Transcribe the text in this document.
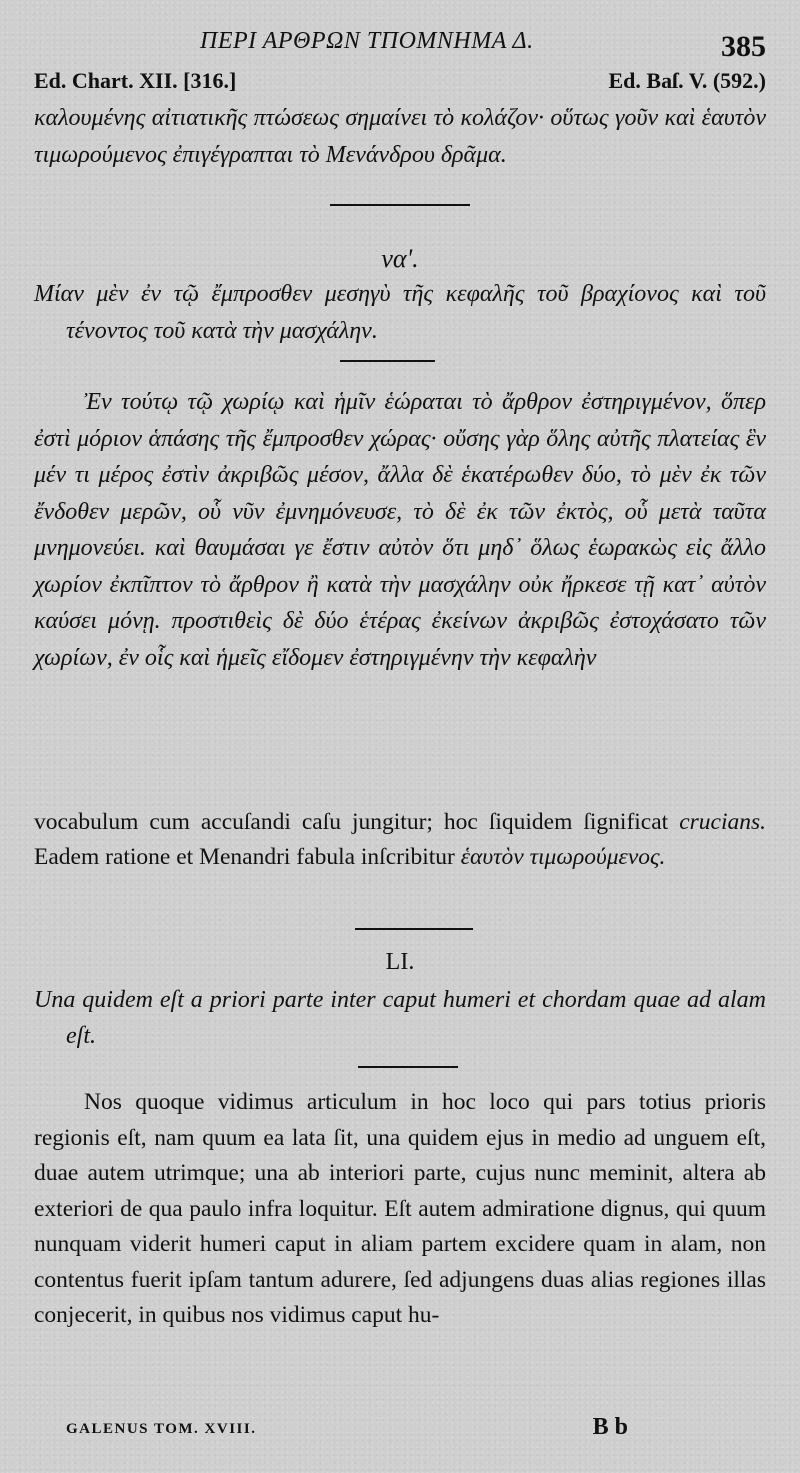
ΠΕΡΙ ΑΡΘΡΩΝ ΤΠΟΜΝΗΜΑ Δ.	385
Ed. Chart. XII. [316.]	Ed. Baſ. V. (592.)

καλουμένης αἰτιατικῆς πτώσεως σημαίνει τὸ κολάζον· οὕτως γοῦν καὶ ἑαυτὸν τιμωρούμενος ἐπιγέγραπται τὸ Μενάνδρου δρᾶμα.

να'.

Μίαν μὲν ἐν τῷ ἔμπροσθεν μεσηγὺ τῆς κεφαλῆς τοῦ βραχίονος καὶ τοῦ τένοντος τοῦ κατὰ τὴν μασχάλην.

Ἐν τούτῳ τῷ χωρίῳ καὶ ἡμῖν ἑώραται τὸ ἄρθρον ἐστηριγμένον, ὅπερ ἐστὶ μόριον ἁπάσης τῆς ἔμπροσθεν χώρας· οὔσης γὰρ ὅλης αὐτῆς πλατείας ἓν μέν τι μέρος ἐστὶν ἀκριβῶς μέσον, ἄλλα δὲ ἑκατέρωθεν δύο, τὸ μὲν ἐκ τῶν ἔνδοθεν μερῶν, οὗ νῦν ἐμνημόνευσε, τὸ δὲ ἐκ τῶν ἐκτὸς, οὗ μετὰ ταῦτα μνημονεύει. καὶ θαυμάσαι γε ἔστιν αὐτὸν ὅτι μηδ᾽ ὅλως ἑωρακὼς εἰς ἄλλο χωρίον ἐκπῖπτον τὸ ἄρθρον ἢ κατὰ τὴν μασχάλην οὐκ ἤρκεσε τῇ κατ᾽ αὐτὸν καύσει μόνῃ. προστιθεὶς δὲ δύο ἑτέρας ἐκείνων ἀκριβῶς ἐστοχάσατο τῶν χωρίων, ἐν οἷς καὶ ἡμεῖς εἴδομεν ἐστηριγμένην τὴν κεφαλὴν

vocabulum cum accuſandi caſu jungitur; hoc ſiquidem ſignificat crucians. Eadem ratione et Menandri fabula inſcribitur ἑαυτὸν τιμωρούμενος.

LI.

Una quidem eſt a priori parte inter caput humeri et chordam quae ad alam eſt.

Nos quoque vidimus articulum in hoc loco qui pars totius prioris regionis eſt, nam quum ea lata ſit, una quidem ejus in medio ad unguem eſt, duae autem utrimque; una ab interiori parte, cujus nunc meminit, altera ab exteriori de qua paulo infra loquitur. Eſt autem admiratione dignus, qui quum nunquam viderit humeri caput in aliam partem excidere quam in alam, non contentus fuerit ipſam tantum adurere, ſed adjungens duas alias regiones illas conjecerit, in quibus nos vidimus caput hu-

GALENUS TOM. XVIII.	B b
